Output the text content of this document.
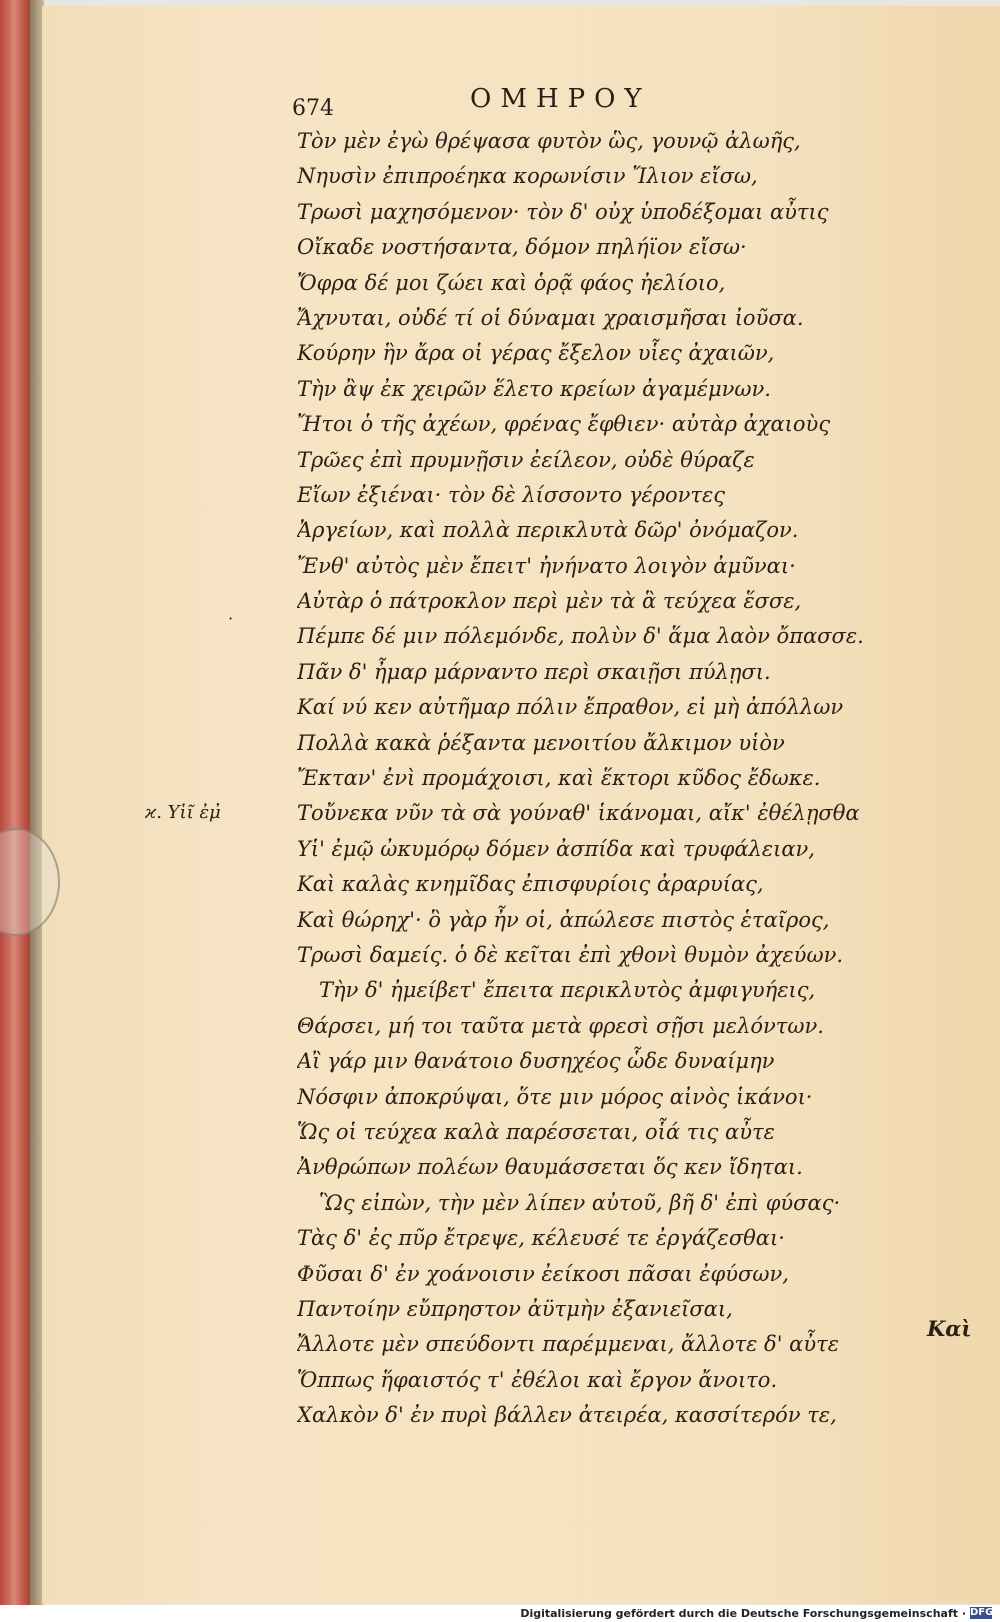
674	ΟΜΗΡΟΥ
·
ϰ. Υἱῖ ἐμ̓
Τὸν μὲν ἐγὼ θρέψασα φυτὸν ὣς, γουνῷ ἀλωῆς,
Νηυσὶν ἐπιπροέηκα κορωνίσιν Ἴλιον εἴσω,
Τρωσὶ μαχησόμενον· τὸν δ' οὐχ ὑποδέξομαι αὖτις
Οἴκαδε νοστήσαντα, δόμον πηλήϊον εἴσω·
Ὄφρα δέ μοι ζώει καὶ ὁρᾷ φάος ἠελίοιο,
Ἄχνυται, οὐδέ τί οἱ δύναμαι χραισμῆσαι ἰοῦσα.
Κούρην ἣν ἄρα οἱ γέρας ἔξελον υἷες ἀχαιῶν,
Τὴν ἂψ ἐκ χειρῶν ἕλετο κρείων ἀγαμέμνων.
Ἤτοι ὁ τῆς ἀχέων, φρένας ἔφθιεν· αὐτὰρ ἀχαιοὺς
Τρῶες ἐπὶ πρυμνῇσιν ἐείλεον, οὐδὲ θύραζε
Εἴων ἐξιέναι· τὸν δὲ λίσσοντο γέροντες
Ἀργείων, καὶ πολλὰ περικλυτὰ δῶρ' ὀνόμαζον.
Ἔνθ' αὐτὸς μὲν ἔπειτ' ἠνήνατο λοιγὸν ἀμῦναι·
Αὐτὰρ ὁ πάτροκλον περὶ μὲν τὰ ἃ τεύχεα ἕσσε,
Πέμπε δέ μιν πόλεμόνδε, πολὺν δ' ἅμα λαὸν ὄπασσε.
Πᾶν δ' ἦμαρ μάρναντο περὶ σκαιῇσι πύλῃσι.
Καί νύ κεν αὐτῆμαρ πόλιν ἔπραθον, εἰ μὴ ἀπόλλων
Πολλὰ κακὰ ῥέξαντα μενοιτίου ἄλκιμον υἱὸν
Ἔκταν' ἐνὶ προμάχοισι, καὶ ἕκτορι κῦδος ἔδωκε.
Τοὔνεκα νῦν τὰ σὰ γούναθ' ἱκάνομαι, αἴκ' ἐθέλῃσθα
Υἱ' ἐμῷ ὠκυμόρῳ δόμεν ἀσπίδα καὶ τρυφάλειαν,
Καὶ καλὰς κνημῖδας ἐπισφυρίοις ἀραρυίας,
Καὶ θώρηχ'· ὃ γὰρ ἦν οἱ, ἀπώλεσε πιστὸς ἑταῖρος,
Τρωσὶ δαμείς. ὁ δὲ κεῖται ἐπὶ χθονὶ θυμὸν ἀχεύων.
Τὴν δ' ἠμείβετ' ἔπειτα περικλυτὸς ἀμφιγυήεις,
Θάρσει, μή τοι ταῦτα μετὰ φρεσὶ σῇσι μελόντων.
Αἲ γάρ μιν θανάτοιο δυσηχέος ὧδε δυναίμην
Νόσφιν ἀποκρύψαι, ὅτε μιν μόρος αἰνὸς ἱκάνοι·
Ὥς οἱ τεύχεα καλὰ παρέσσεται, οἷά τις αὖτε
Ἀνθρώπων πολέων θαυμάσσεται ὅς κεν ἴδηται.
Ὣς εἰπὼν, τὴν μὲν λίπεν αὐτοῦ, βῆ δ' ἐπὶ φύσας·
Τὰς δ' ἐς πῦρ ἔτρεψε, κέλευσέ τε ἐργάζεσθαι·
Φῦσαι δ' ἐν χοάνοισιν ἐείκοσι πᾶσαι ἐφύσων,
Παντοίην εὔπρηστον ἀϋτμὴν ἐξανιεῖσαι,
Ἄλλοτε μὲν σπεύδοντι παρέμμεναι, ἄλλοτε δ' αὖτε
Ὅππως ἥφαιστός τ' ἐθέλοι καὶ ἔργον ἄνοιτο.
Χαλκὸν δ' ἐν πυρὶ βάλλεν ἀτειρέα, κασσίτερόν τε,
Καὶ
Digitalisierung gefördert durch die Deutsche Forschungsgemeinschaft · DFG
